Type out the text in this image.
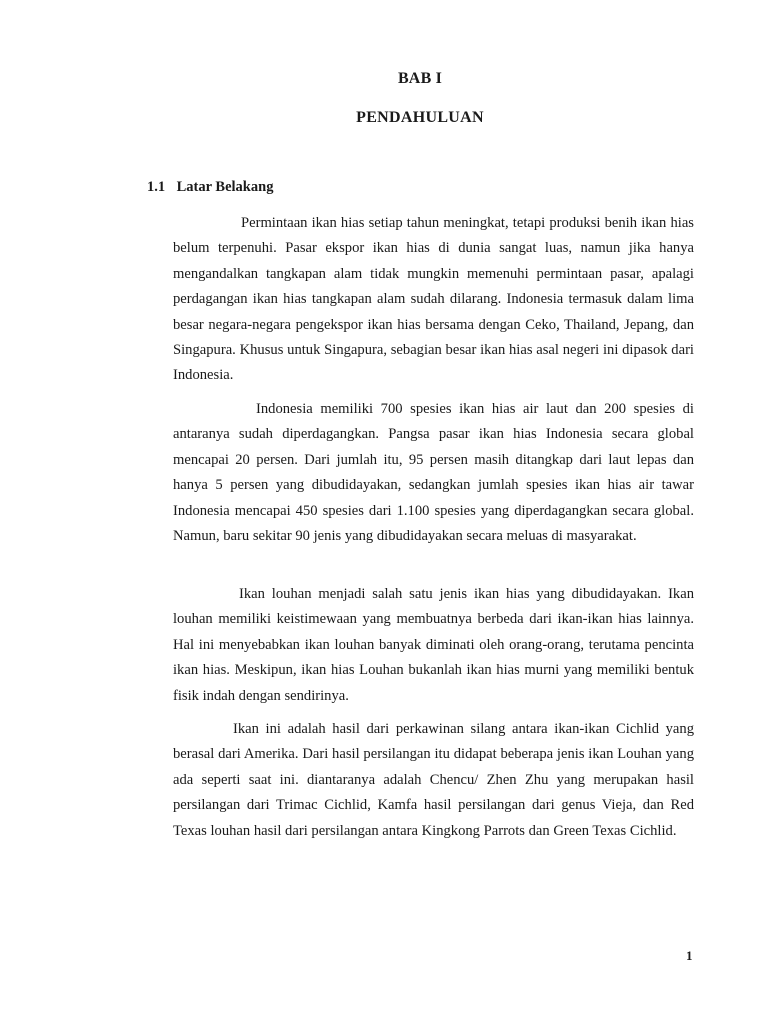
BAB I
PENDAHULUAN
1.1 Latar Belakang

Permintaan ikan hias setiap tahun meningkat, tetapi produksi benih ikan hias belum terpenuhi. Pasar ekspor ikan hias di dunia sangat luas, namun jika hanya mengandalkan tangkapan alam tidak mungkin memenuhi permintaan pasar, apalagi perdagangan ikan hias tangkapan alam sudah dilarang. Indonesia termasuk dalam lima besar negara-negara pengekspor ikan hias bersama dengan Ceko, Thailand, Jepang, dan Singapura. Khusus untuk Singapura, sebagian besar ikan hias asal negeri ini dipasok dari Indonesia.

Indonesia memiliki 700 spesies ikan hias air laut dan 200 spesies di antaranya sudah diperdagangkan. Pangsa pasar ikan hias Indonesia secara global mencapai 20 persen. Dari jumlah itu, 95 persen masih ditangkap dari laut lepas dan hanya 5 persen yang dibudidayakan, sedangkan jumlah spesies ikan hias air tawar Indonesia mencapai 450 spesies dari 1.100 spesies yang diperdagangkan secara global. Namun, baru sekitar 90 jenis yang dibudidayakan secara meluas di masyarakat.

Ikan louhan menjadi salah satu jenis ikan hias yang dibudidayakan. Ikan louhan memiliki keistimewaan yang membuatnya berbeda dari ikan-ikan hias lainnya. Hal ini menyebabkan ikan louhan banyak diminati oleh orang-orang, terutama pencinta ikan hias. Meskipun, ikan hias Louhan bukanlah ikan hias murni yang memiliki bentuk fisik indah dengan sendirinya.

Ikan ini adalah hasil dari perkawinan silang antara ikan-ikan Cichlid yang berasal dari Amerika. Dari hasil persilangan itu didapat beberapa jenis ikan Louhan yang ada seperti saat ini. diantaranya adalah Chencu/ Zhen Zhu yang merupakan hasil persilangan dari Trimac Cichlid, Kamfa hasil persilangan dari genus Vieja, dan Red Texas louhan hasil dari persilangan antara Kingkong Parrots dan Green Texas Cichlid.

1
